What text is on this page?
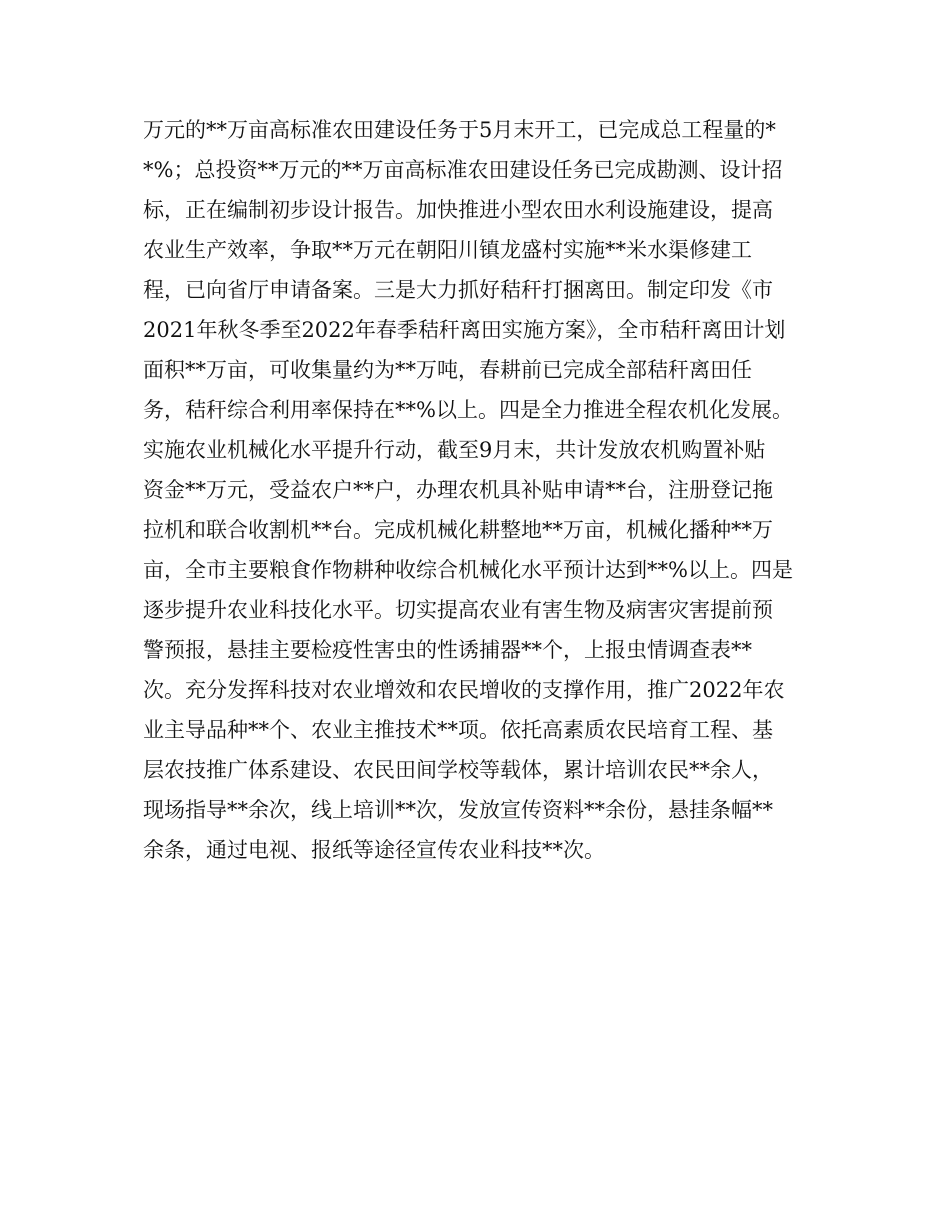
万元的**万亩高标准农田建设任务于5月末开工，已完成总工程量的*
*%；总投资**万元的**万亩高标准农田建设任务已完成勘测、设计招
标，正在编制初步设计报告。加快推进小型农田水利设施建设，提高
农业生产效率，争取**万元在朝阳川镇龙盛村实施**米水渠修建工
程，已向省厅申请备案。三是大力抓好秸秆打捆离田。制定印发《市
2021年秋冬季至2022年春季秸秆离田实施方案》，全市秸秆离田计划
面积**万亩，可收集量约为**万吨，春耕前已完成全部秸秆离田任
务，秸秆综合利用率保持在**%以上。四是全力推进全程农机化发展。
实施农业机械化水平提升行动，截至9月末，共计发放农机购置补贴
资金**万元，受益农户**户，办理农机具补贴申请**台，注册登记拖
拉机和联合收割机**台。完成机械化耕整地**万亩，机械化播种**万
亩，全市主要粮食作物耕种收综合机械化水平预计达到**%以上。四是
逐步提升农业科技化水平。切实提高农业有害生物及病害灾害提前预
警预报，悬挂主要检疫性害虫的性诱捕器**个，上报虫情调查表**
次。充分发挥科技对农业增效和农民增收的支撑作用，推广2022年农
业主导品种**个、农业主推技术**项。依托高素质农民培育工程、基
层农技推广体系建设、农民田间学校等载体，累计培训农民**余人，
现场指导**余次，线上培训**次，发放宣传资料**余份，悬挂条幅**
余条，通过电视、报纸等途径宣传农业科技**次。
